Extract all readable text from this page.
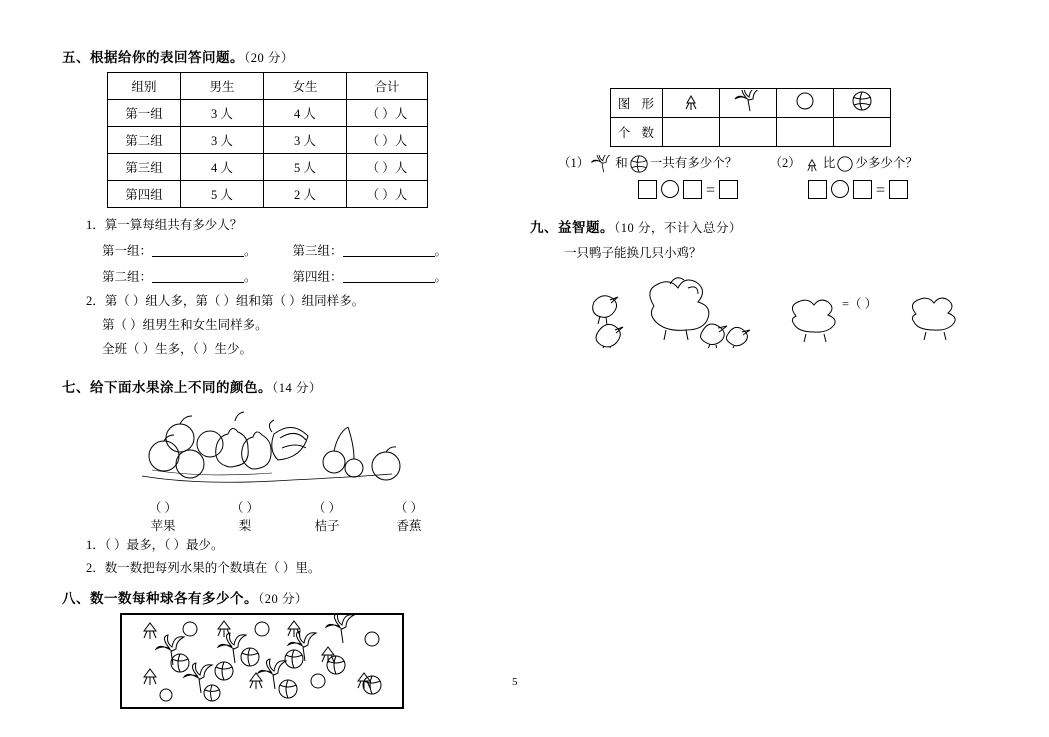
五、根据给你的表回答问题。（20 分）
组别	男生	女生	合计
第一组	3 人	4 人	（ ）人
第二组	3 人	3 人	（ ）人
第三组	4 人	5 人	（ ）人
第四组	5 人	2 人	（ ）人
1．算一算每组共有多少人？
第一组：	。	第三组：	。
第二组：	。	第四组：	。
2．第（ ）组人多，第（ ）组和第（ ）组同样多。
第（ ）组男生和女生同样多。
全班（ ）生多，（ ）生少。
七、给下面水果涂上不同的颜色。（14 分）
（ ）	（ ）	（ ）	（ ）
苹果	梨	桔子	香蕉
1．（ ）最多，（ ）最少。
2．数一数把每列水果的个数填在（ ）里。
八、数一数每种球各有多少个。（20 分）
图 形				
个 数				
（1） 和 一共有多少个？	（2） 比 少多少个？
=	=
九、益智题。（10 分，不计入总分）
一只鸭子能换几只小鸡？
=（ ）
5
